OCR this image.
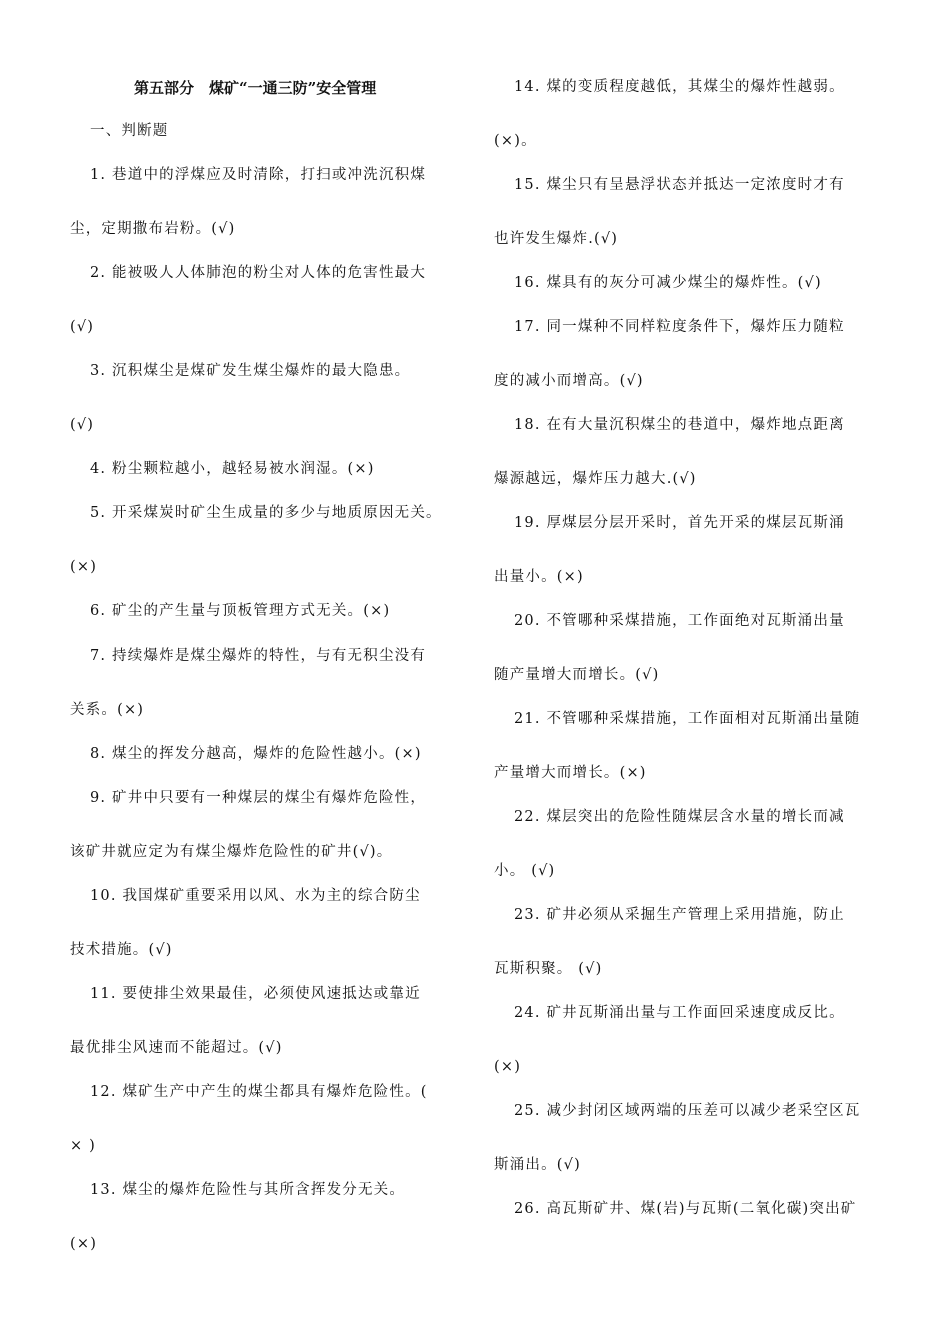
第五部分　煤矿“一通三防”安全管理
一、判断题
1. 巷道中的浮煤应及时清除，打扫或冲洗沉积煤
尘，定期撒布岩粉。(√)
2. 能被吸人人体肺泡的粉尘对人体的危害性最大
(√)
3. 沉积煤尘是煤矿发生煤尘爆炸的最大隐患。
(√)
4. 粉尘颗粒越小，越轻易被水润湿。(×)
5. 开采煤炭时矿尘生成量的多少与地质原因无关。
(×)
6. 矿尘的产生量与顶板管理方式无关。(×)
7. 持续爆炸是煤尘爆炸的特性，与有无积尘没有
关系。(×)
8. 煤尘的挥发分越高，爆炸的危险性越小。(×)
9. 矿井中只要有一种煤层的煤尘有爆炸危险性，
该矿井就应定为有煤尘爆炸危险性的矿井(√)。
10. 我国煤矿重要采用以风、水为主的综合防尘
技术措施。(√)
11. 要使排尘效果最佳，必须使风速抵达或靠近
最优排尘风速而不能超过。(√)
12. 煤矿生产中产生的煤尘都具有爆炸危险性。(
× )
13. 煤尘的爆炸危险性与其所含挥发分无关。
(×)
14. 煤的变质程度越低，其煤尘的爆炸性越弱。
(×)。
15. 煤尘只有呈悬浮状态并抵达一定浓度时才有
也许发生爆炸.(√)
16. 煤具有的灰分可减少煤尘的爆炸性。(√)
17. 同一煤种不同样粒度条件下，爆炸压力随粒
度的减小而增高。(√)
18. 在有大量沉积煤尘的巷道中，爆炸地点距离
爆源越远，爆炸压力越大.(√)
19. 厚煤层分层开采时，首先开采的煤层瓦斯涌
出量小。(×)
20. 不管哪种采煤措施，工作面绝对瓦斯涌出量
随产量增大而增长。(√)
21. 不管哪种采煤措施，工作面相对瓦斯涌出量随
产量增大而增长。(×)
22. 煤层突出的危险性随煤层含水量的增长而减
小。 (√)
23. 矿井必须从采掘生产管理上采用措施，防止
瓦斯积聚。 (√)
24. 矿井瓦斯涌出量与工作面回采速度成反比。
(×)
25. 减少封闭区域两端的压差可以减少老采空区瓦
斯涌出。(√)
26. 高瓦斯矿井、煤(岩)与瓦斯(二氧化碳)突出矿
